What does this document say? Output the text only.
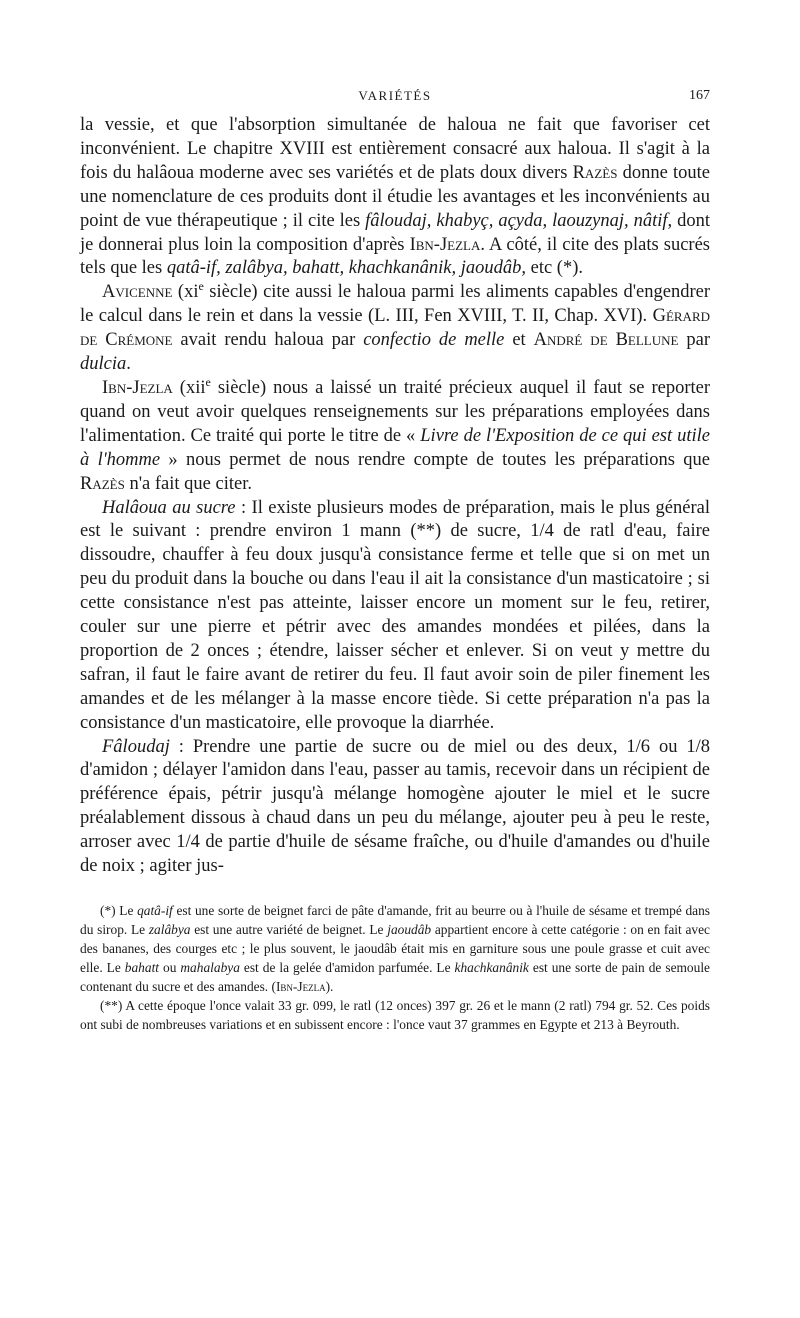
VARIÉTÉS	167

la vessie, et que l'absorption simultanée de haloua ne fait que favoriser cet inconvénient. Le chapitre XVIII est entièrement consacré aux haloua. Il s'agit à la fois du halâoua moderne avec ses variétés et de plats doux divers Razès donne toute une nomenclature de ces produits dont il étudie les avantages et les inconvénients au point de vue thérapeutique ; il cite les fâloudaj, khabyç, açyda, laouzynaj, nâtif, dont je donnerai plus loin la composition d'après Ibn-Jezla. A côté, il cite des plats sucrés tels que les qatâ-if, zalâbya, bahatt, khachkanânik, jaoudâb, etc (*).

Avicenne ($xi^e$ siècle) cite aussi le haloua parmi les aliments capables d'engendrer le calcul dans le rein et dans la vessie (L. III, Fen XVIII, T. II, Chap. XVI). Gérard de Crémone avait rendu haloua par confectio de melle et André de Bellune par dulcia.

Ibn-Jezla (xii$^e$ siècle) nous a laissé un traité précieux auquel il faut se reporter quand on veut avoir quelques renseignements sur les préparations employées dans l'alimentation. Ce traité qui porte le titre de « Livre de l'Exposition de ce qui est utile à l'homme » nous permet de nous rendre compte de toutes les préparations que Razès n'a fait que citer.

Halâoua au sucre : Il existe plusieurs modes de préparation, mais le plus général est le suivant : prendre environ 1 mann (**) de sucre, 1/4 de ratl d'eau, faire dissoudre, chauffer à feu doux jusqu'à consistance ferme et telle que si on met un peu du produit dans la bouche ou dans l'eau il ait la consistance d'un masticatoire ; si cette consistance n'est pas atteinte, laisser encore un moment sur le feu, retirer, couler sur une pierre et pétrir avec des amandes mondées et pilées, dans la proportion de 2 onces ; étendre, laisser sécher et enlever. Si on veut y mettre du safran, il faut le faire avant de retirer du feu. Il faut avoir soin de piler finement les amandes et de les mélanger à la masse encore tiède. Si cette préparation n'a pas la consistance d'un masticatoire, elle provoque la diarrhée.

Fâloudaj : Prendre une partie de sucre ou de miel ou des deux, 1/6 ou 1/8 d'amidon ; délayer l'amidon dans l'eau, passer au tamis, recevoir dans un récipient de préférence épais, pétrir jusqu'à mélange homogène ajouter le miel et le sucre préalablement dissous à chaud dans un peu du mélange, ajouter peu à peu le reste, arroser avec 1/4 de partie d'huile de sésame fraîche, ou d'huile d'amandes ou d'huile de noix ; agiter jus-

(*) Le qatâ-if est une sorte de beignet farci de pâte d'amande, frit au beurre ou à l'huile de sésame et trempé dans du sirop. Le zalâbya est une autre variété de beignet. Le jaoudâb appartient encore à cette catégorie : on en fait avec des bananes, des courges etc ; le plus souvent, le jaoudâb était mis en garniture sous une poule grasse et cuit avec elle. Le bahatt ou mahalabya est de la gelée d'amidon parfumée. Le khachkanânik est une sorte de pain de semoule contenant du sucre et des amandes. (Ibn-Jezla).

(**) A cette époque l'once valait 33 gr. 099, le ratl (12 onces) 397 gr. 26 et le mann (2 ratl) 794 gr. 52. Ces poids ont subi de nombreuses variations et en subissent encore : l'once vaut 37 grammes en Egypte et 213 à Beyrouth.
